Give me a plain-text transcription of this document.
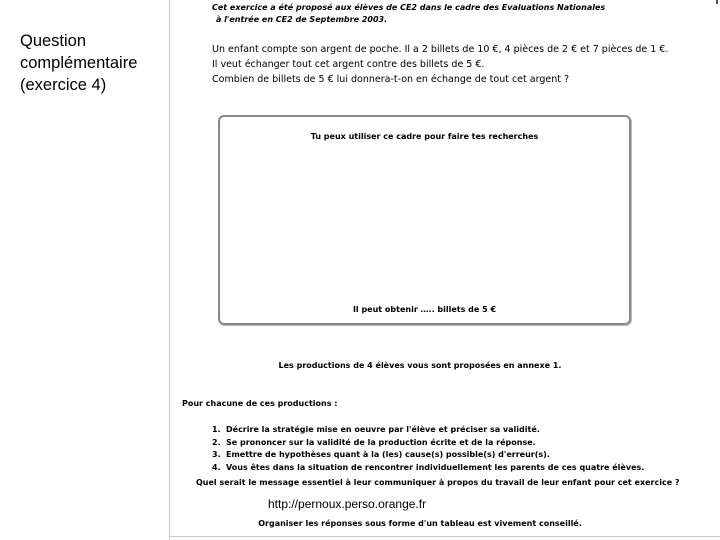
Question
complémentaire
(exercice 4)
Cet exercice a été proposé aux élèves de CE2 dans le cadre des Evaluations Nationales
à l'entrée en CE2 de Septembre 2003.
Un enfant compte son argent de poche. Il a 2 billets de 10 €, 4 pièces de 2 € et 7 pièces de 1 €.
Il veut échanger tout cet argent contre des billets de 5 €.
Combien de billets de 5 € lui donnera-t-on en échange de tout cet argent ?
Tu peux utiliser ce cadre pour faire tes recherches
Il peut obtenir ….. billets de 5 €
Les productions de 4 élèves vous sont proposées en annexe 1.
Pour chacune de ces productions :
1. Décrire la stratégie mise en oeuvre par l'élève et préciser sa validité.
2. Se prononcer sur la validité de la production écrite et de la réponse.
3. Emettre de hypothèses quant à la (les) cause(s) possible(s) d'erreur(s).
4. Vous êtes dans la situation de rencontrer individuellement les parents de ces quatre élèves.
Quel serait le message essentiel à leur communiquer à propos du travail de leur enfant pour cet exercice ?
http://pernoux.perso.orange.fr
Organiser les réponses sous forme d'un tableau est vivement conseillé.
